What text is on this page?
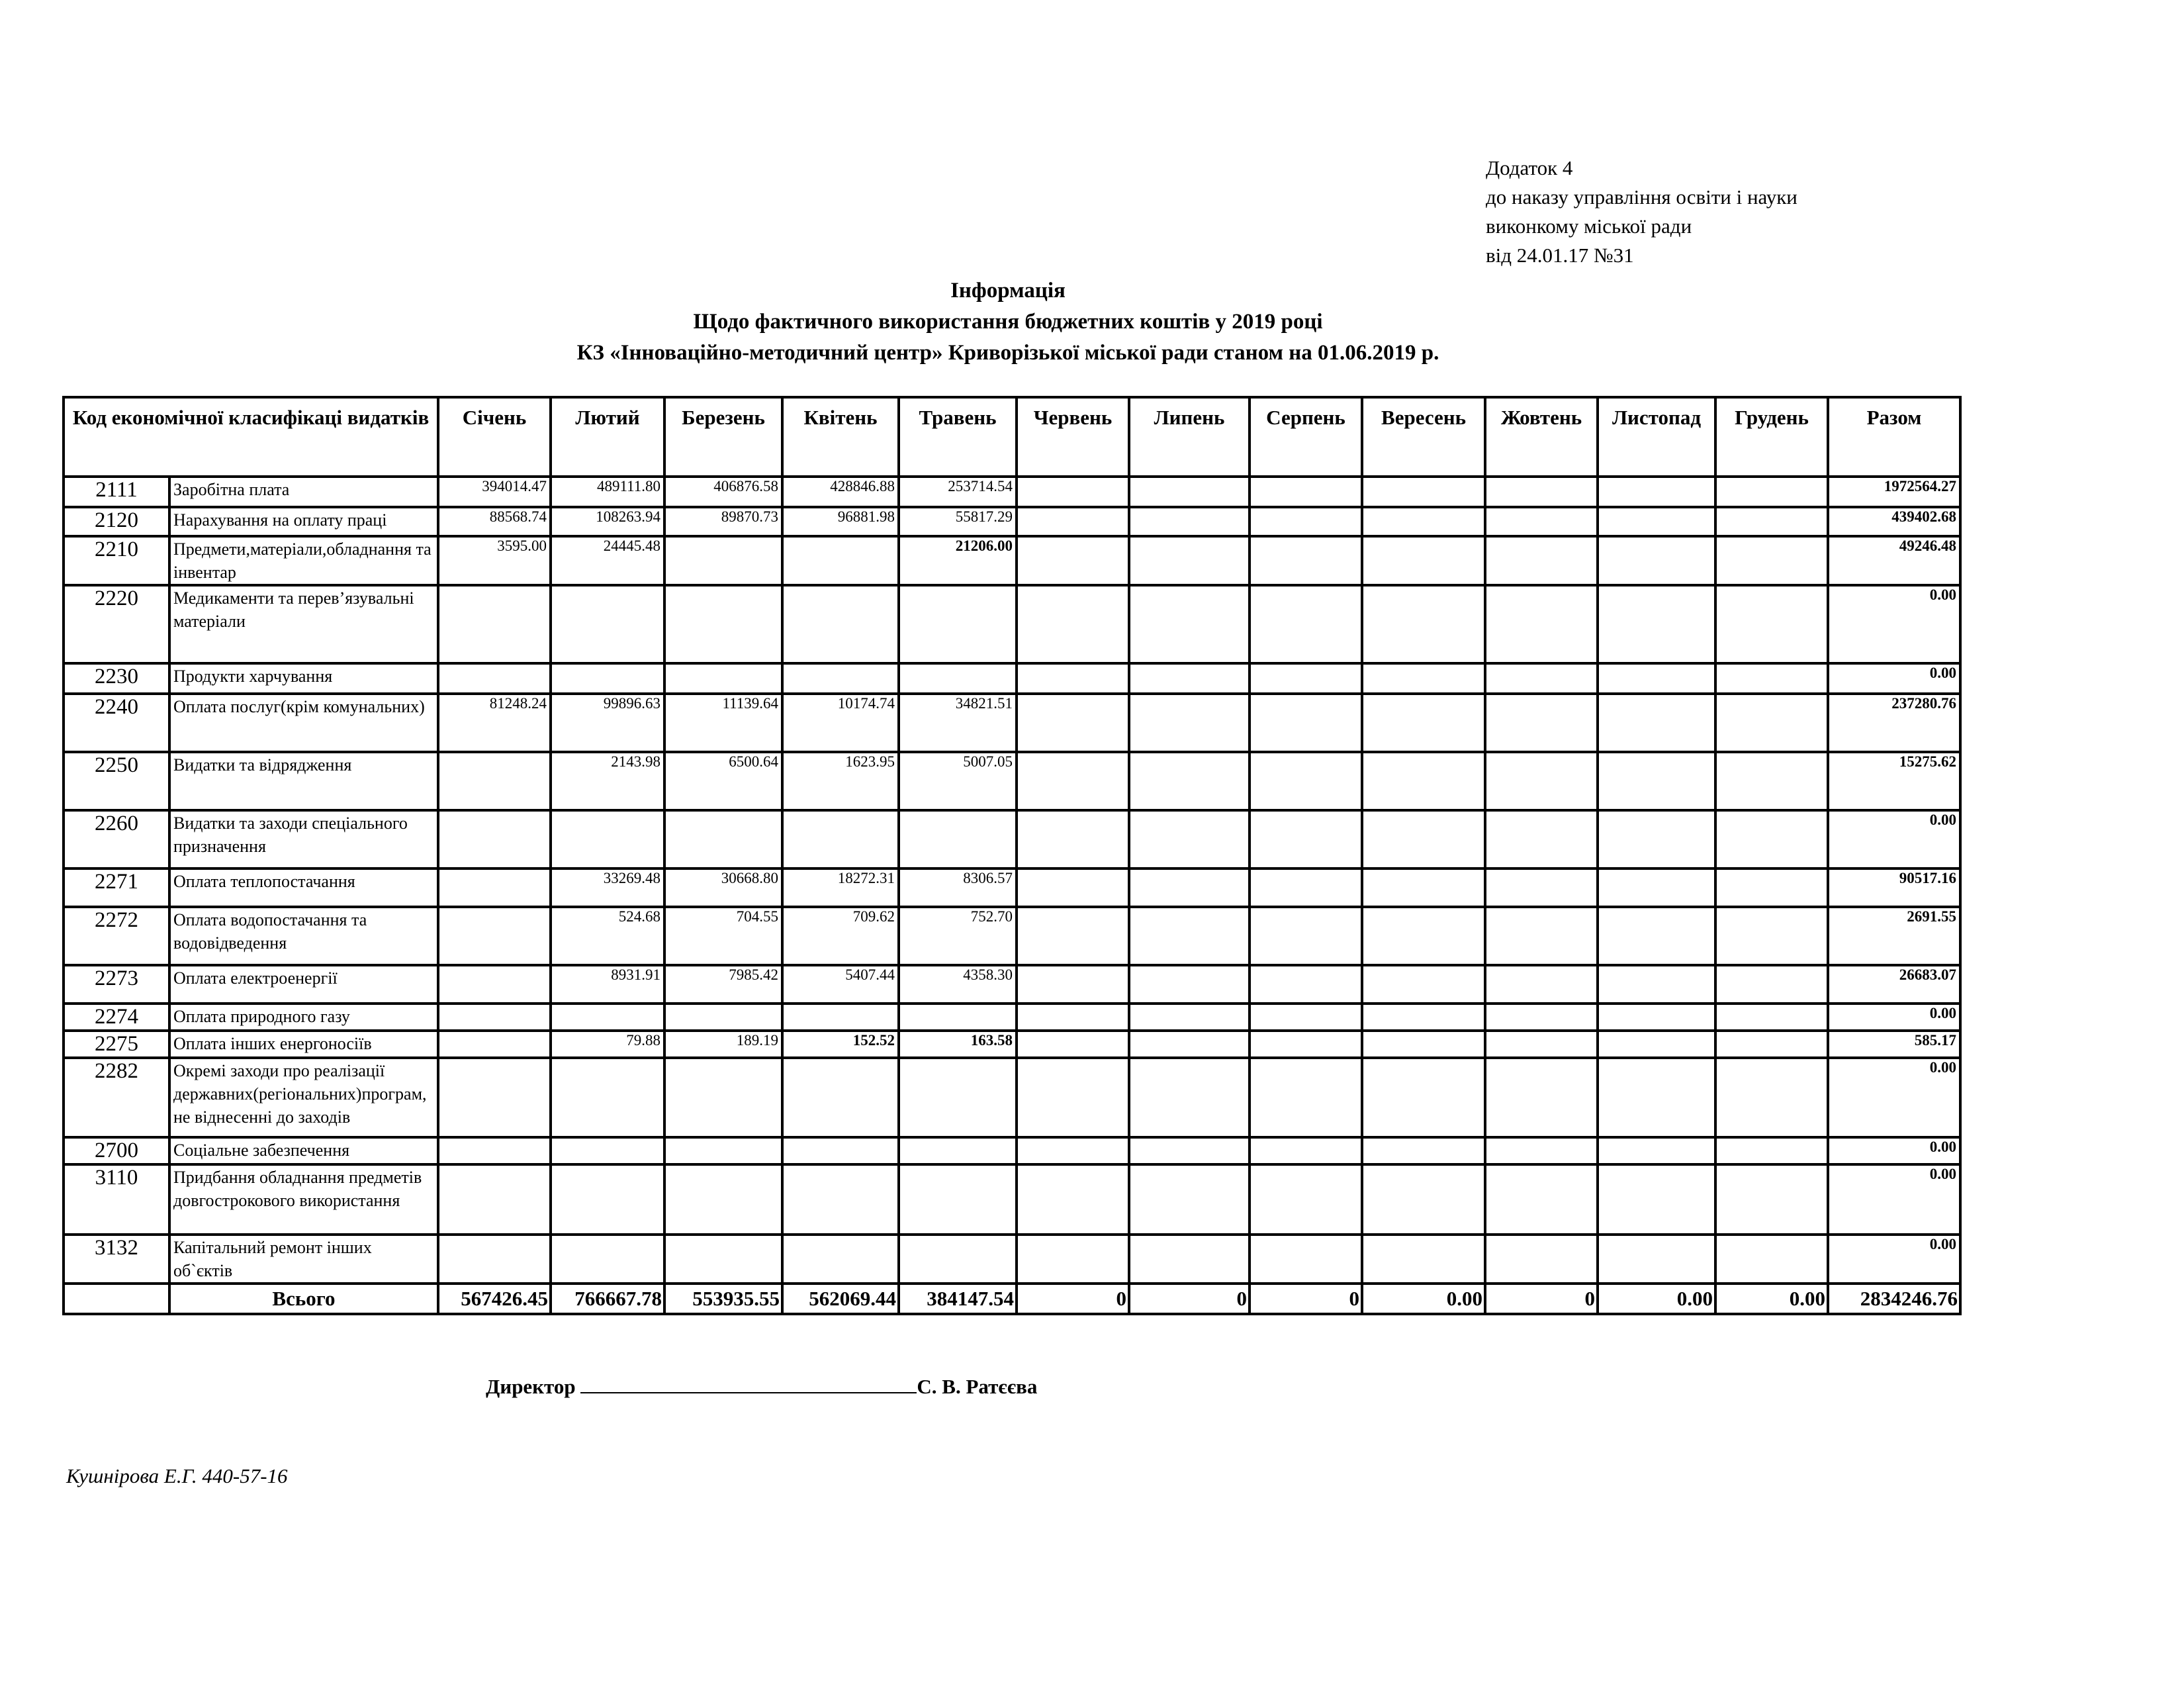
Додаток 4
до наказу управління освіти і науки
виконкому міської ради
від 24.01.17 №31
Інформація
Щодо фактичного використання бюджетних коштів у 2019 році
КЗ «Інноваційно-методичний центр» Криворізької міської ради станом на 01.06.2019 р.
Код економічної класифікаці видатків		Січень	Лютий	Березень	Квітень	Травень	Червень	Липень	Серпень	Вересень	Жовтень	Листопад	Грудень	Разом
2111	Заробітна плата	394014.47	489111.80	406876.58	428846.88	253714.54								1972564.27
2120	Нарахування на оплату праці	88568.74	108263.94	89870.73	96881.98	55817.29								439402.68
2210	Предмети,матеріали,обладнання та інвентар	3595.00	24445.48			21206.00								49246.48
2220	Медикаменти та перев’язувальні матеріали													0.00
2230	Продукти харчування													0.00
2240	Оплата послуг(крім комунальних)	81248.24	99896.63	11139.64	10174.74	34821.51								237280.76
2250	Видатки та відрядження		2143.98	6500.64	1623.95	5007.05								15275.62
2260	Видатки та заходи спеціального призначення													0.00
2271	Оплата теплопостачання		33269.48	30668.80	18272.31	8306.57								90517.16
2272	Оплата водопостачання та водовідведення		524.68	704.55	709.62	752.70								2691.55
2273	Оплата електроенергії		8931.91	7985.42	5407.44	4358.30								26683.07
2274	Оплата природного газу													0.00
2275	Оплата інших енергоносіїв		79.88	189.19	152.52	163.58								585.17
2282	Окремі заходи про реалізації державних(регіональних)програм, не віднесенні до заходів													0.00
2700	Соціальне забезпечення													0.00
3110	Придбання обладнання предметів довгострокового використання													0.00
3132	Капітальний ремонт інших об`єктів													0.00
	Всього	567426.45	766667.78	553935.55	562069.44	384147.54	0	0	0	0.00	0	0.00	0.00	2834246.76
Директор	С. В. Ратєєва
Кушнірова Е.Г. 440-57-16
